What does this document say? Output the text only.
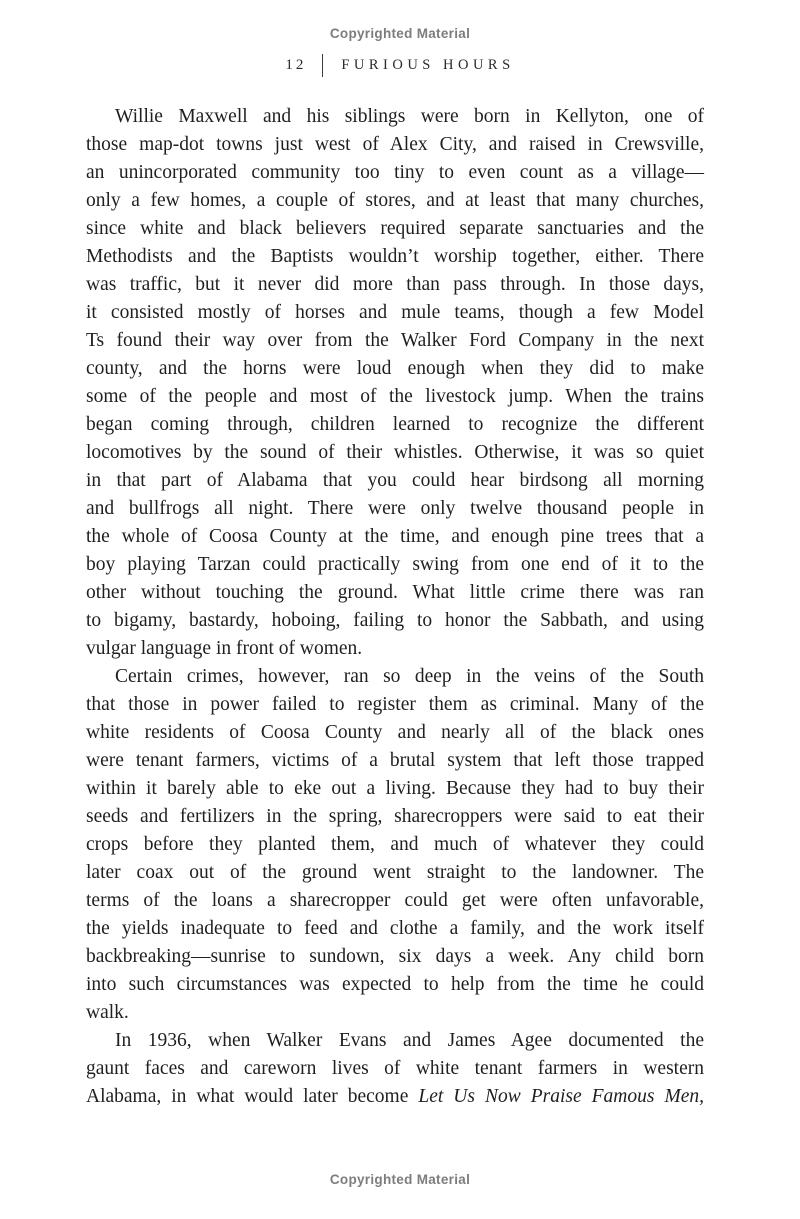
Copyrighted Material
12 FURIOUS HOURS
Willie Maxwell and his siblings were born in Kellyton, one of
those map-dot towns just west of Alex City, and raised in Crewsville,
an unincorporated community too tiny to even count as a village—
only a few homes, a couple of stores, and at least that many churches,
since white and black believers required separate sanctuaries and the
Methodists and the Baptists wouldn’t worship together, either. There
was traffic, but it never did more than pass through. In those days,
it consisted mostly of horses and mule teams, though a few Model
Ts found their way over from the Walker Ford Company in the next
county, and the horns were loud enough when they did to make
some of the people and most of the livestock jump. When the trains
began coming through, children learned to recognize the different
locomotives by the sound of their whistles. Otherwise, it was so quiet
in that part of Alabama that you could hear birdsong all morning
and bullfrogs all night. There were only twelve thousand people in
the whole of Coosa County at the time, and enough pine trees that a
boy playing Tarzan could practically swing from one end of it to the
other without touching the ground. What little crime there was ran
to bigamy, bastardy, hoboing, failing to honor the Sabbath, and using
vulgar language in front of women.
Certain crimes, however, ran so deep in the veins of the South
that those in power failed to register them as criminal. Many of the
white residents of Coosa County and nearly all of the black ones
were tenant farmers, victims of a brutal system that left those trapped
within it barely able to eke out a living. Because they had to buy their
seeds and fertilizers in the spring, sharecroppers were said to eat their
crops before they planted them, and much of whatever they could
later coax out of the ground went straight to the landowner. The
terms of the loans a sharecropper could get were often unfavorable,
the yields inadequate to feed and clothe a family, and the work itself
backbreaking—sunrise to sundown, six days a week. Any child born
into such circumstances was expected to help from the time he could
walk.
In 1936, when Walker Evans and James Agee documented the
gaunt faces and careworn lives of white tenant farmers in western
Alabama, in what would later become Let Us Now Praise Famous Men,
Copyrighted Material
